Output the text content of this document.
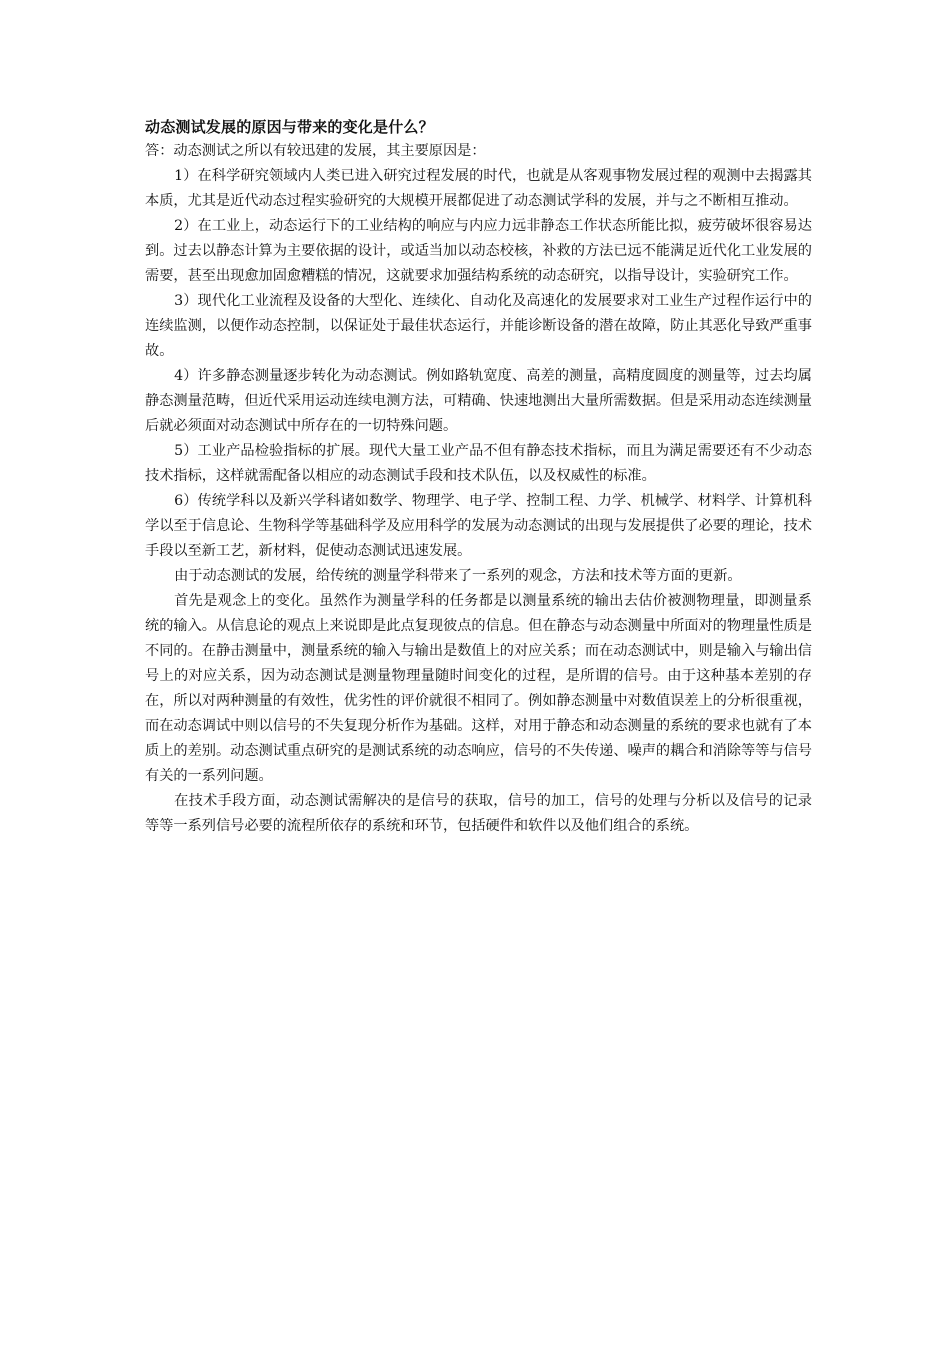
动态测试发展的原因与带来的变化是什么？

答：动态测试之所以有较迅建的发展，其主要原因是：

1）在科学研究领域内人类已进入研究过程发展的时代，也就是从客观事物发展过程的观测中去揭露其本质，尤其是近代动态过程实验研究的大规模开展都促进了动态测试学科的发展，并与之不断相互推动。

2）在工业上，动态运行下的工业结构的响应与内应力远非静态工作状态所能比拟，疲劳破坏很容易达到。过去以静态计算为主要依据的设计，或适当加以动态校核，补救的方法已远不能满足近代化工业发展的需要，甚至出现愈加固愈糟糕的情况，这就要求加强结构系统的动态研究，以指导设计，实验研究工作。

3）现代化工业流程及设备的大型化、连续化、自动化及高速化的发展要求对工业生产过程作运行中的连续监测，以便作动态控制，以保证处于最佳状态运行，并能诊断设备的潜在故障，防止其恶化导致严重事故。

4）许多静态测量逐步转化为动态测试。例如路轨宽度、高差的测量，高精度圆度的测量等，过去均属静态测量范畴，但近代采用运动连续电测方法，可精确、快速地测出大量所需数据。但是采用动态连续测量后就必须面对动态测试中所存在的一切特殊问题。

5）工业产品检验指标的扩展。现代大量工业产品不但有静态技术指标，而且为满足需要还有不少动态技术指标，这样就需配备以相应的动态测试手段和技术队伍，以及权威性的标准。

6）传统学科以及新兴学科诸如数学、物理学、电子学、控制工程、力学、机械学、材料学、计算机科学以至于信息论、生物科学等基础科学及应用科学的发展为动态测试的出现与发展提供了必要的理论，技术手段以至新工艺，新材料，促使动态测试迅速发展。

由于动态测试的发展，给传统的测量学科带来了一系列的观念，方法和技术等方面的更新。

首先是观念上的变化。虽然作为测量学科的任务都是以测量系统的输出去估价被测物理量，即测量系统的输入。从信息论的观点上来说即是此点复现彼点的信息。但在静态与动态测量中所面对的物理量性质是不同的。在静击测量中，测量系统的输入与输出是数值上的对应关系；而在动态测试中，则是输入与输出信号上的对应关系，因为动态测试是测量物理量随时间变化的过程，是所谓的信号。由于这种基本差别的存在，所以对两种测量的有效性，优劣性的评价就很不相同了。例如静态测量中对数值误差上的分析很重视，而在动态调试中则以信号的不失复现分析作为基础。这样，对用于静态和动态测量的系统的要求也就有了本质上的差别。动态测试重点研究的是测试系统的动态响应，信号的不失传递、噪声的耦合和消除等等与信号有关的一系列问题。

在技术手段方面，动态测试需解决的是信号的获取，信号的加工，信号的处理与分析以及信号的记录等等一系列信号必要的流程所依存的系统和环节，包括硬件和软件以及他们组合的系统。
